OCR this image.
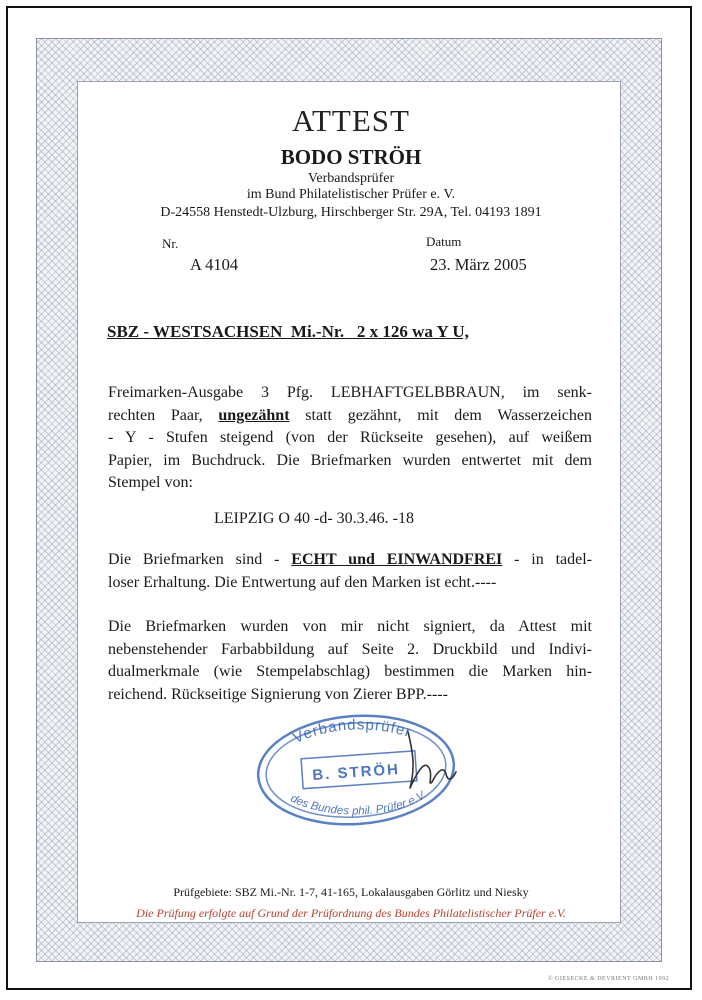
ATTEST
BODO STRÖH
Verbandsprüfer
im Bund Philatelistischer Prüfer e. V.
D-24558 Henstedt-Ulzburg, Hirschberger Str. 29A, Tel. 04193 1891
Nr.
A 4104
Datum
23. März 2005
SBZ - WESTSACHSEN  Mi.-Nr.   2 x 126 wa Y U,
Freimarken-Ausgabe 3 Pfg. LEBHAFTGELBBRAUN, im senk-
rechten Paar, ungezähnt statt gezähnt, mit dem Wasserzeichen
- Y - Stufen steigend (von der Rückseite gesehen), auf weißem
Papier, im Buchdruck. Die Briefmarken wurden entwertet mit dem
Stempel von:
LEIPZIG O 40 -d- 30.3.46. -18
Die Briefmarken sind - ECHT und EINWANDFREI - in tadel-
loser Erhaltung. Die Entwertung auf den Marken ist echt.----
Die Briefmarken wurden von mir nicht signiert, da Attest mit
nebenstehender Farbabbildung auf Seite 2. Druckbild und Indivi-
dualmerkmale (wie Stempelabschlag) bestimmen die Marken hin-
reichend. Rückseitige Signierung von Zierer BPP.----
Verbandsprüfer
B. STRÖH
des Bundes phil. Prüfer e.V.
Prüfgebiete: SBZ Mi.-Nr. 1-7, 41-165, Lokalausgaben Görlitz und Niesky
Die Prüfung erfolgte auf Grund der Prüfordnung des Bundes Philatelistischer Prüfer e.V.
© GIESECKE & DEVRIENT GMBH 1992
